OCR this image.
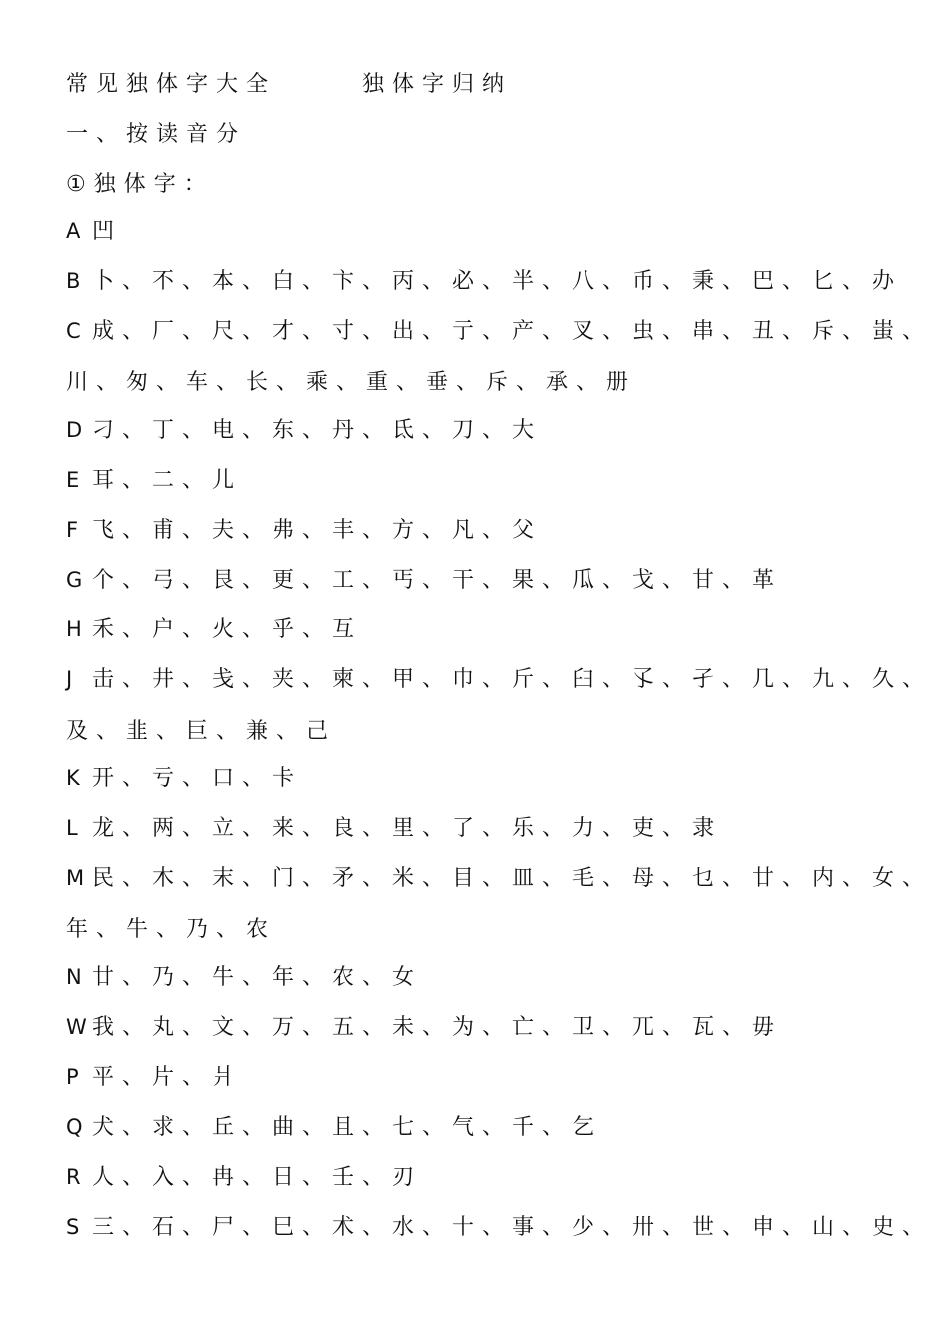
常见独体字大全	独体字归纳
一、按读音分
①独体字：
A 凹
B 卜、不、本、白、卞、丙、必、半、八、币、秉、巴、匕、办
C 成、厂、尺、才、寸、出、亍、产、叉、虫、串、丑、斥、蚩、
川、匆、车、长、乘、重、垂、斥、承、册
D 刁、丁、电、东、丹、氐、刀、大
E 耳、二、儿
F 飞、甫、夫、弗、丰、方、凡、父
G 个、弓、艮、更、工、丐、干、果、瓜、戈、甘、革
H 禾、户、火、乎、互
J 击、井、戋、夹、柬、甲、巾、斤、臼、孓、孑、几、九、久、
及、韭、巨、兼、己
K 开、亏、口、卡
L 龙、两、立、来、良、里、了、乐、力、吏、隶
M 民、木、末、门、矛、米、目、皿、毛、母、乜、廿、内、女、
年、牛、乃、农
N 廿、乃、牛、年、农、女
W 我、丸、文、万、五、未、为、亡、卫、兀、瓦、毋
P 平、片、爿
Q 犬、求、丘、曲、且、七、气、千、乞
R 人、入、冉、日、壬、刃
S 三、石、尸、巳、术、水、十、事、少、卅、世、申、山、史、
